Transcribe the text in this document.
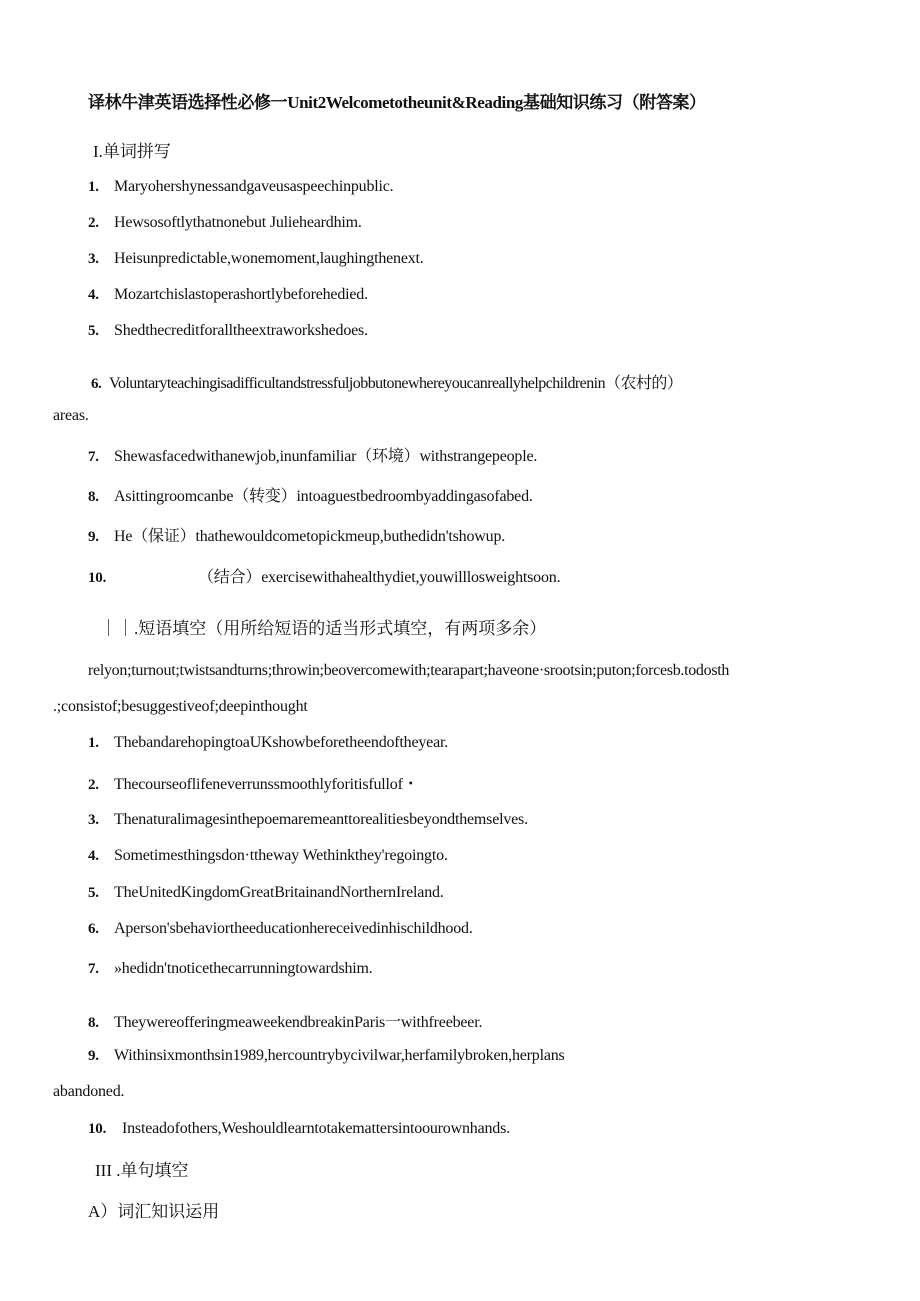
译林牛津英语选择性必修一Unit2Welcometotheunit&Reading基础知识练习（附答案）
I.单词拼写
1. Maryohershynessandgaveusaspeechinpublic.
2. Hewsosoftlythatnonebut Julieheardhim.
3. Heisunpredictable,wonemoment,laughingthenext.
4. Mozartchislastoperashortlybeforehedied.
5. Shedthecreditforalltheextraworkshedoes.
6. Voluntaryteachingisadifficultandstressfuljobbutonewhereyoucanreallyhelpchildrenin（农村的）
areas.
7. Shewasfacedwithanewjob,inunfamiliar（环境）withstrangepeople.
8. Asittingroomcanbe（转变）intoaguestbedroombyaddingasofabed.
9. He（保证）thathewouldcometopickmeup,buthedidn'tshowup.
10.	（结合）exercisewithahealthydiet,youwilllosweightsoon.
｜｜.短语填空（用所给短语的适当形式填空，有两项多余）
relyon;turnout;twistsandturns;throwin;beovercomewith;tearapart;haveone·srootsin;puton;forcesb.todosth
.;consistof;besuggestiveof;deepinthought
1. ThebandarehopingtoaUKshowbeforetheendoftheyear.
2. Thecourseoflifeneverrunssmoothlyforitisfullof・
3. Thenaturalimagesinthepoemaremeanttorealitiesbeyondthemselves.
4. Sometimesthingsdon·ttheway Wethinkthey'regoingto.
5. TheUnitedKingdomGreatBritainandNorthernIreland.
6. Aperson'sbehaviortheeducationhereceivedinhischildhood.
7. »hedidn'tnoticethecarrunningtowardshim.
8. TheywereofferingmeaweekendbreakinParis一withfreebeer.
9. Withinsixmonthsin1989,hercountrybycivilwar,herfamilybroken,herplans
abandoned.
10. Insteadofothers,Weshouldlearntotakemattersintoourownhands.
III .单句填空
A）词汇知识运用
